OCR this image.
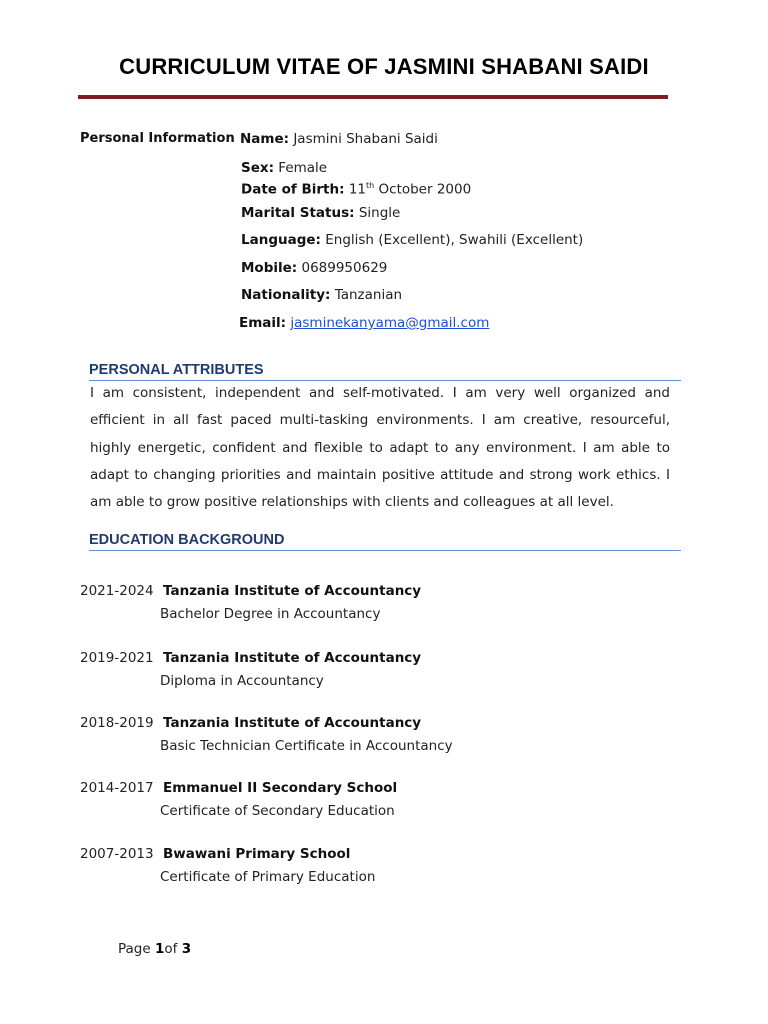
CURRICULUM VITAE OF JASMINI SHABANI SAIDI
Personal Information Name: Jasmini Shabani Saidi
Sex: Female
Date of Birth: 11th October 2000
Marital Status: Single
Language: English (Excellent), Swahili (Excellent)
Mobile: 0689950629
Nationality: Tanzanian
Email: jasminekanyama@gmail.com
PERSONAL ATTRIBUTES
I am consistent, independent and self-motivated. I am very well organized and efficient in all fast paced multi-tasking environments. I am creative, resourceful, highly energetic, confident and flexible to adapt to any environment. I am able to adapt to changing priorities and maintain positive attitude and strong work ethics. I am able to grow positive relationships with clients and colleagues at all level.
EDUCATION BACKGROUND
2021-2024 Tanzania Institute of Accountancy
Bachelor Degree in Accountancy
2019-2021 Tanzania Institute of Accountancy
Diploma in Accountancy
2018-2019 Tanzania Institute of Accountancy
Basic Technician Certificate in Accountancy
2014-2017 Emmanuel II Secondary School
Certificate of Secondary Education
2007-2013 Bwawani Primary School
Certificate of Primary Education
Page 1of 3
